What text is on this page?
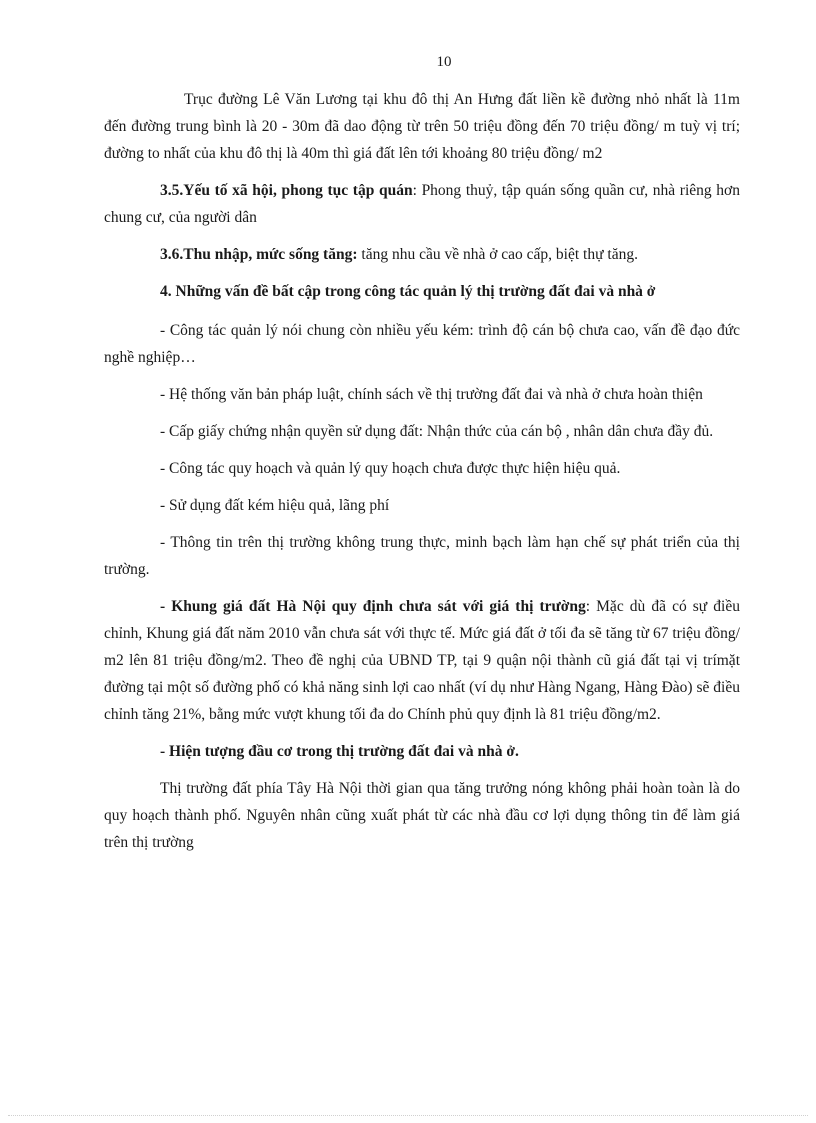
10

Trục đường Lê Văn Lương tại khu đô thị An Hưng đất liền kề đường nhỏ nhất là 11m đến đường trung bình là 20 - 30m đã dao động từ trên 50 triệu đồng đến 70 triệu đồng/ m tuỳ vị trí; đường to nhất của khu đô thị là 40m thì giá đất lên tới khoảng 80 triệu đồng/ m2

3.5.Yếu tố xã hội, phong tục tập quán: Phong thuỷ, tập quán sống quần cư, nhà riêng hơn chung cư, của người dân

3.6.Thu nhập, mức sống tăng: tăng nhu cầu về nhà ở cao cấp, biệt thự tăng.

4. Những vấn đề bất cập trong công tác quản lý thị trường đất đai và nhà ở

- Công tác quản lý nói chung còn nhiều yếu kém: trình độ cán bộ chưa cao, vấn đề đạo đức nghề nghiệp…

- Hệ thống văn bản pháp luật, chính sách về thị trường đất đai và nhà ở chưa hoàn thiện

- Cấp giấy chứng nhận quyền sử dụng đất: Nhận thức của cán bộ , nhân dân chưa đầy đủ.

- Công tác quy hoạch và quản lý quy hoạch chưa được thực hiện hiệu quả.

- Sử dụng đất kém hiệu quả, lãng phí

- Thông tin trên thị trường không trung thực, minh bạch làm hạn chế sự phát triển của thị trường.

- Khung giá đất Hà Nội quy định chưa sát với giá thị trường: Mặc dù đã có sự điều chỉnh, Khung giá đất năm 2010 vẫn chưa sát với thực tế. Mức giá đất ở tối đa sẽ tăng từ 67 triệu đồng/ m2 lên 81 triệu đồng/m2. Theo đề nghị của UBND TP, tại 9 quận nội thành cũ giá đất tại vị trímặt đường tại một số đường phố có khả năng sinh lợi cao nhất (ví dụ như Hàng Ngang, Hàng Đào) sẽ điều chỉnh tăng 21%, bằng mức vượt khung tối đa do Chính phủ quy định là 81 triệu đồng/m2.

- Hiện tượng đầu cơ trong thị trường đất đai và nhà ở.

Thị trường đất phía Tây Hà Nội thời gian qua tăng trưởng nóng không phải hoàn toàn là do quy hoạch thành phố. Nguyên nhân cũng xuất phát từ các nhà đầu cơ lợi dụng thông tin để làm giá trên thị trường
